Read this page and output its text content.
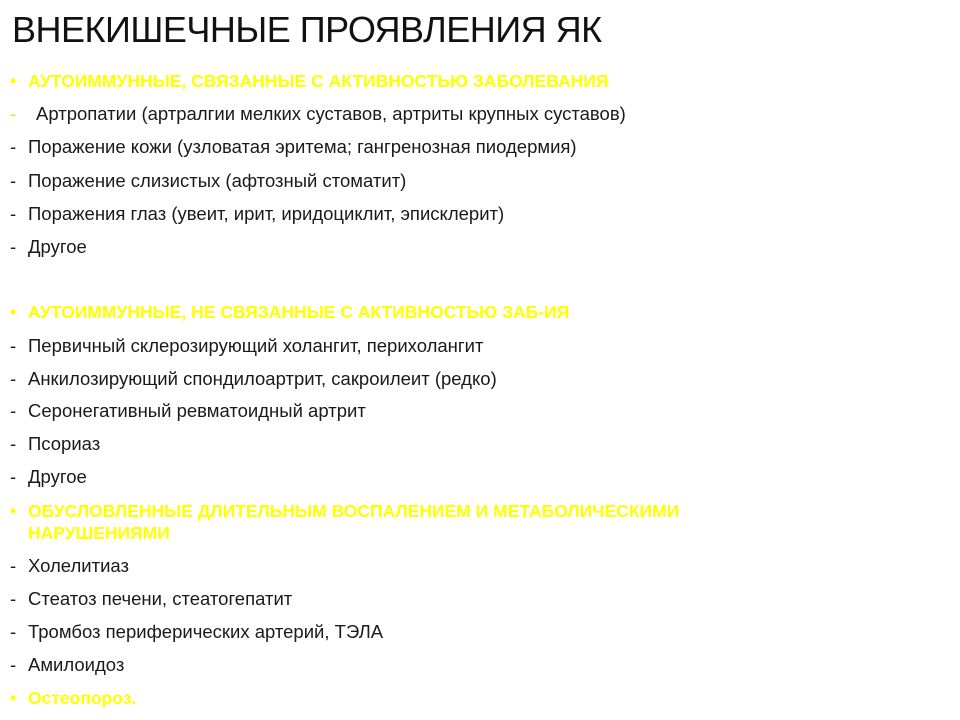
ВНЕКИШЕЧНЫЕ ПРОЯВЛЕНИЯ ЯК
• АУТОИММУННЫЕ, СВЯЗАННЫЕ С АКТИВНОСТЬЮ ЗАБОЛЕВАНИЯ
- Артропатии (артралгии мелких суставов, артриты крупных суставов)
- Поражение кожи (узловатая эритема; гангренозная пиодермия)
- Поражение слизистых (афтозный стоматит)
- Поражения глаз (увеит, ирит, иридоциклит, эписклерит)
- Другое
• АУТОИММУННЫЕ, НЕ СВЯЗАННЫЕ С АКТИВНОСТЬЮ ЗАБ-ИЯ
- Первичный склерозирующий холангит, перихолангит
- Анкилозирующий спондилоартрит, сакроилеит (редко)
- Серонегативный ревматоидный артрит
- Псориаз
- Другое
• ОБУСЛОВЛЕННЫЕ ДЛИТЕЛЬНЫМ ВОСПАЛЕНИЕМ И МЕТАБОЛИЧЕСКИМИ НАРУШЕНИЯМИ
- Холелитиаз
- Стеатоз печени, стеатогепатит
- Тромбоз периферических артерий, ТЭЛА
- Амилоидоз
• Остеопороз.
